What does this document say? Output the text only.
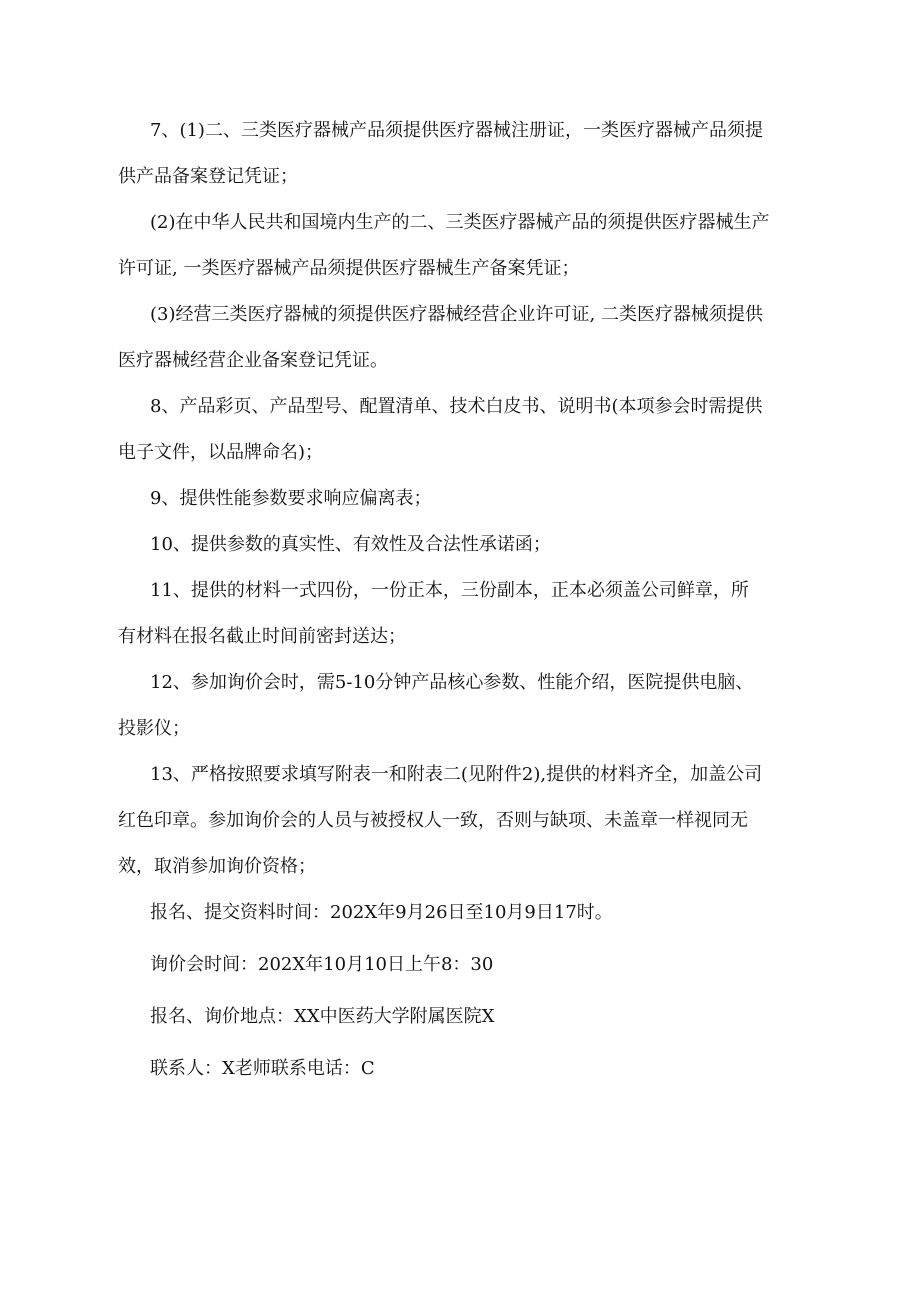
7、(1)二、三类医疗器械产品须提供医疗器械注册证，一类医疗器械产品须提
供产品备案登记凭证；
(2)在中华人民共和国境内生产的二、三类医疗器械产品的须提供医疗器械生产
许可证, 一类医疗器械产品须提供医疗器械生产备案凭证；
(3)经营三类医疗器械的须提供医疗器械经营企业许可证, 二类医疗器械须提供
医疗器械经营企业备案登记凭证。
8、产品彩页、产品型号、配置清单、技术白皮书、说明书(本项参会时需提供
电子文件，以品牌命名)；
9、提供性能参数要求响应偏离表；
10、提供参数的真实性、有效性及合法性承诺函；
11、提供的材料一式四份，一份正本，三份副本，正本必须盖公司鲜章，所
有材料在报名截止时间前密封送达；
12、参加询价会时，需5-10分钟产品核心参数、性能介绍，医院提供电脑、
投影仪；
13、严格按照要求填写附表一和附表二(见附件2),提供的材料齐全，加盖公司
红色印章。参加询价会的人员与被授权人一致，否则与缺项、未盖章一样视同无
效，取消参加询价资格；
报名、提交资料时间：202X年9月26日至10月9日17时。
询价会时间：202X年10月10日上午8：30
报名、询价地点：XX中医药大学附属医院X
联系人：X老师联系电话：C
